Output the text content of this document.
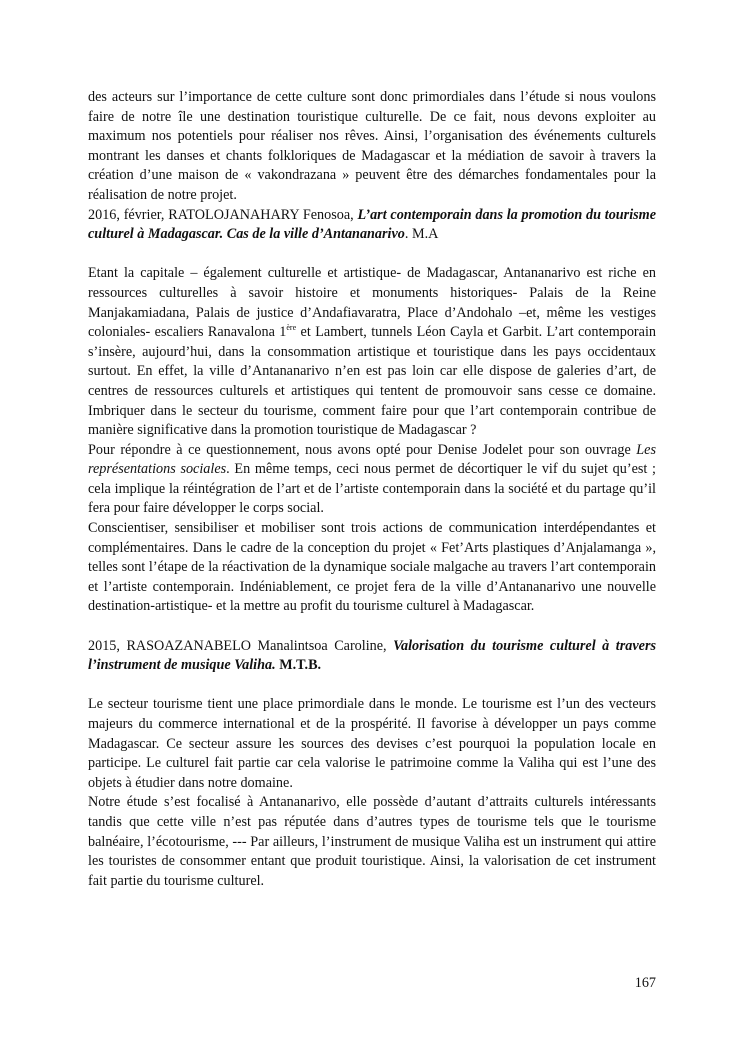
des acteurs sur l’importance de cette culture sont donc primordiales dans l’étude si nous voulons faire de notre île une destination touristique culturelle. De ce fait, nous devons exploiter au maximum nos potentiels pour réaliser nos rêves. Ainsi, l’organisation des événements culturels montrant les danses et chants folkloriques de Madagascar et la médiation de savoir à travers la création d’une maison de « vakondrazana » peuvent être des démarches fondamentales pour la réalisation de notre projet.

2016, février, RATOLOJANAHARY Fenosoa, L’art contemporain dans la promotion du tourisme culturel à Madagascar. Cas de la ville d’Antananarivo. M.A

Etant la capitale – également culturelle et artistique- de Madagascar, Antananarivo est riche en ressources culturelles à savoir histoire et monuments historiques- Palais de la Reine Manjakamiadana, Palais de justice d’Andafiavaratra, Place d’Andohalo –et, même les vestiges coloniales- escaliers Ranavalona 1ère et Lambert, tunnels Léon Cayla et Garbit. L’art contemporain s’insère, aujourd’hui, dans la consommation artistique et touristique dans les pays occidentaux surtout. En effet, la ville d’Antananarivo n’en est pas loin car elle dispose de galeries d’art, de centres de ressources culturels et artistiques qui tentent de promouvoir sans cesse ce domaine. Imbriquer dans le secteur du tourisme, comment faire pour que l’art contemporain contribue de manière significative dans la promotion touristique de Madagascar ?

Pour répondre à ce questionnement, nous avons opté pour Denise Jodelet pour son ouvrage Les représentations sociales. En même temps, ceci nous permet de décortiquer le vif du sujet qu’est ; cela implique la réintégration de l’art et de l’artiste contemporain dans la société et du partage qu’il fera pour faire développer le corps social.

Conscientiser, sensibiliser et mobiliser sont trois actions de communication interdépendantes et complémentaires. Dans le cadre de la conception du projet « Fet’Arts plastiques d’Anjalamanga », telles sont l’étape de la réactivation de la dynamique sociale malgache au travers l’art contemporain et l’artiste contemporain. Indéniablement, ce projet fera de la ville d’Antananarivo une nouvelle destination-artistique- et la mettre au profit du tourisme culturel à Madagascar.

2015, RASOAZANABELO Manalintsoa Caroline, Valorisation du tourisme culturel à travers l’instrument de musique Valiha. M.T.B.

Le secteur tourisme tient une place primordiale dans le monde. Le tourisme est l’un des vecteurs majeurs du commerce international et de la prospérité. Il favorise à développer un pays comme Madagascar. Ce secteur assure les sources des devises c’est pourquoi la population locale en participe. Le culturel fait partie car cela valorise le patrimoine comme la Valiha qui est l’une des objets à étudier dans notre domaine.

Notre étude s’est focalisé à Antananarivo, elle possède d’autant d’attraits culturels intéressants tandis que cette ville n’est pas réputée dans d’autres types de tourisme tels que le tourisme balnéaire, l’écotourisme, --- Par ailleurs, l’instrument de musique Valiha est un instrument qui attire les touristes de consommer entant que produit touristique. Ainsi, la valorisation de cet instrument fait partie du tourisme culturel.

167
